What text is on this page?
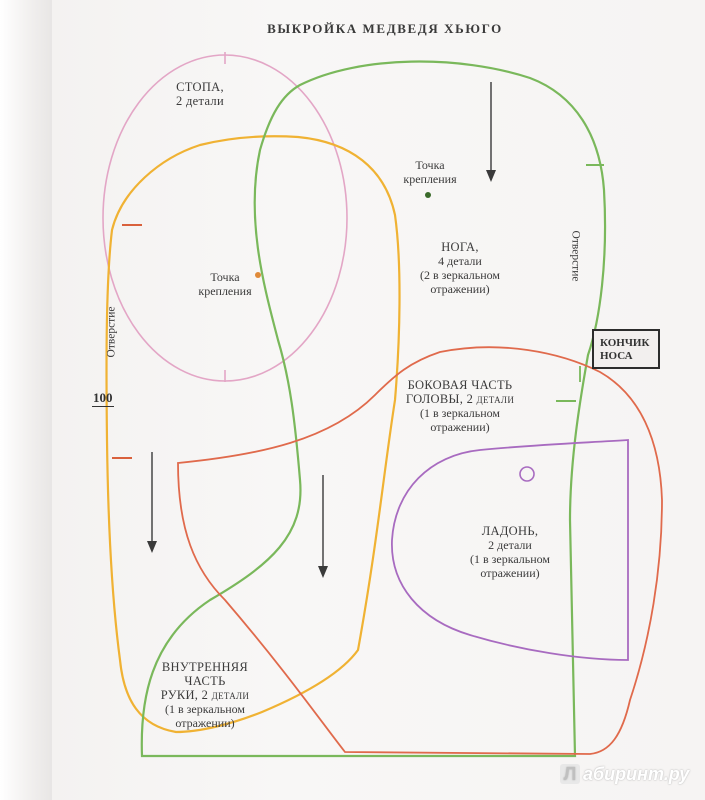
ВЫКРОЙКА МЕДВЕДЯ ХЬЮГО
СТОПА,
2 детали
Точка
крепления
Точка
крепления
НОГА,
4 детали
(2 в зеркальном
отражении)
БОКОВАЯ ЧАСТЬ
ГОЛОВЫ, 2 детали
(1 в зеркальном
отражении)
ЛАДОНЬ,
2 детали
(1 в зеркальном
отражении)
ВНУТРЕННЯЯ
ЧАСТЬ
РУКИ, 2 детали
(1 в зеркальном
отражении)
Отверстие
Отверстие
КОНЧИК
НОСА
100
Л абиринт.ру
